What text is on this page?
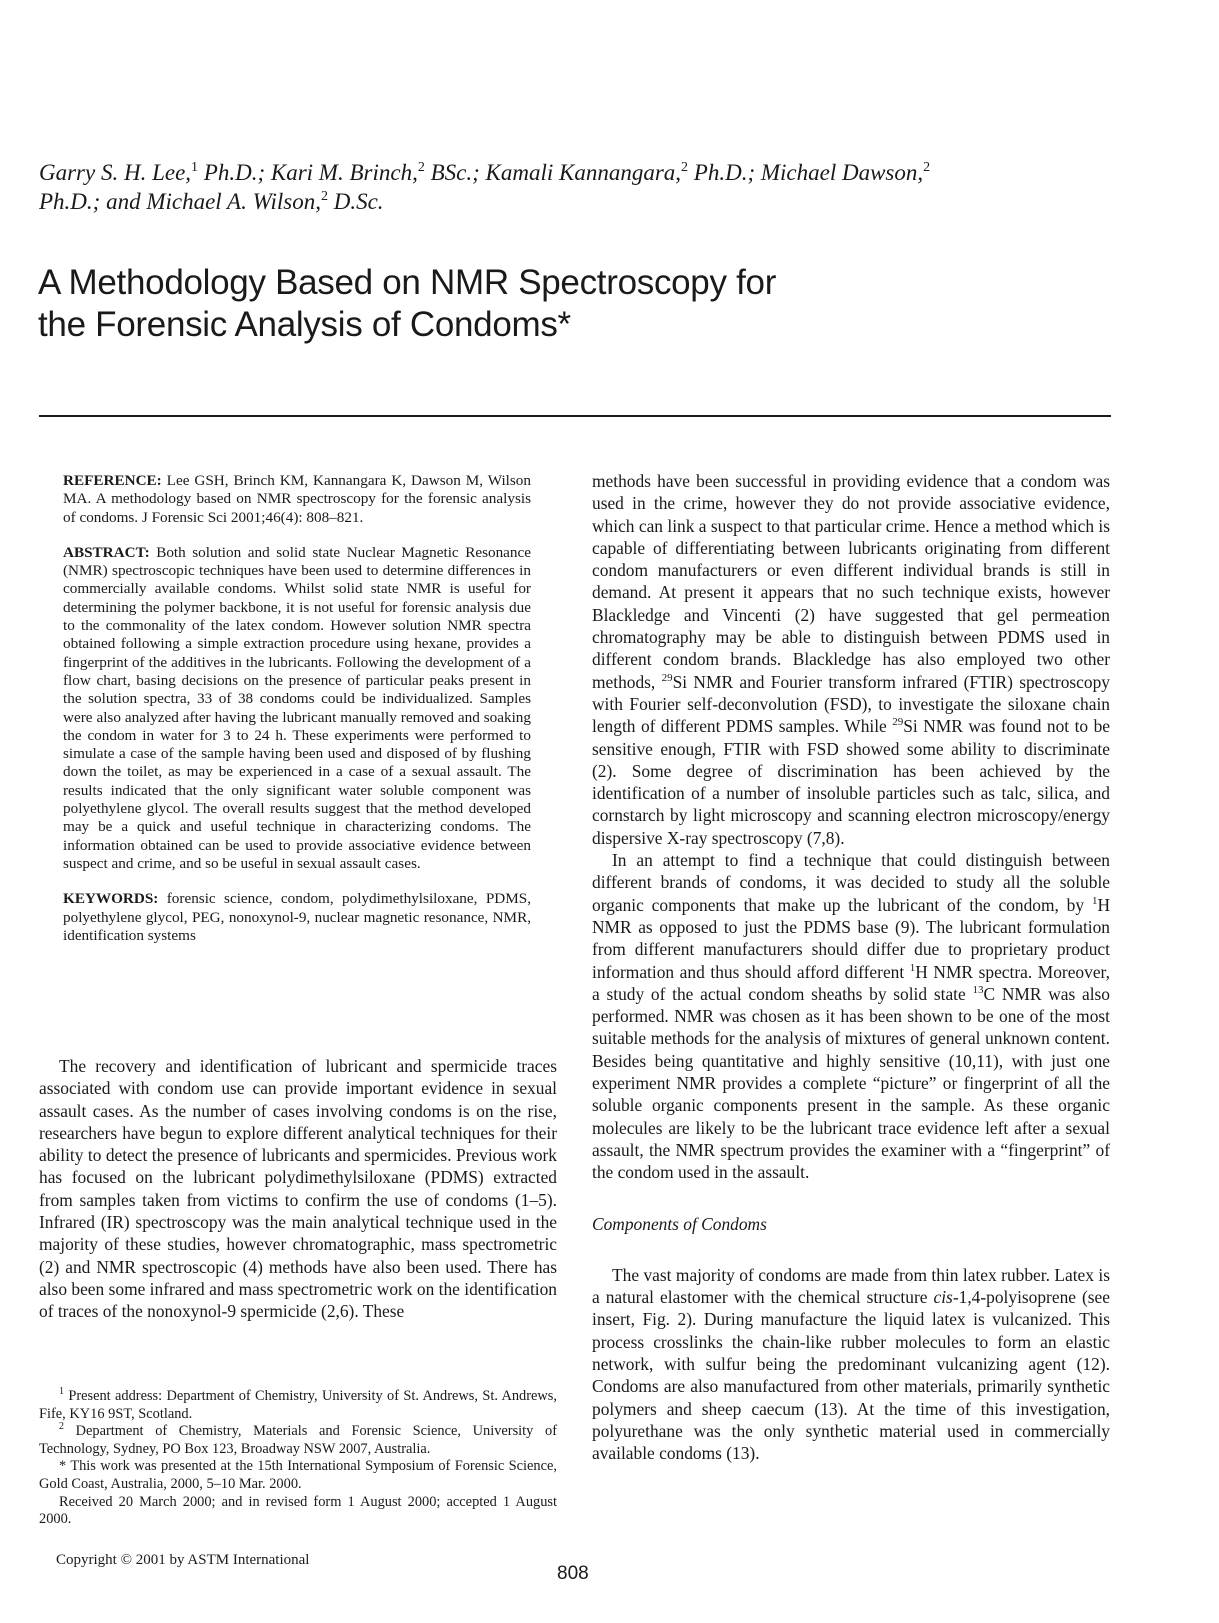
Garry S. H. Lee,$^1$ Ph.D.; Kari M. Brinch,$^2$ BSc.; Kamali Kannangara,$^2$ Ph.D.; Michael Dawson,$^2$
Ph.D.; and Michael A. Wilson,$^2$ D.Sc.
A Methodology Based on NMR Spectroscopy for
the Forensic Analysis of Condoms*

REFERENCE: Lee GSH, Brinch KM, Kannangara K, Dawson M, Wilson MA. A methodology based on NMR spectroscopy for the forensic analysis of condoms. J Forensic Sci 2001;46(4): 808–821.

ABSTRACT: Both solution and solid state Nuclear Magnetic Resonance (NMR) spectroscopic techniques have been used to determine differences in commercially available condoms. Whilst solid state NMR is useful for determining the polymer backbone, it is not useful for forensic analysis due to the commonality of the latex condom. However solution NMR spectra obtained following a simple extraction procedure using hexane, provides a fingerprint of the additives in the lubricants. Following the development of a flow chart, basing decisions on the presence of particular peaks present in the solution spectra, 33 of 38 condoms could be individualized. Samples were also analyzed after having the lubricant manually removed and soaking the condom in water for 3 to 24 h. These experiments were performed to simulate a case of the sample having been used and disposed of by flushing down the toilet, as may be experienced in a case of a sexual assault. The results indicated that the only significant water soluble component was polyethylene glycol. The overall results suggest that the method developed may be a quick and useful technique in characterizing condoms. The information obtained can be used to provide associative evidence between suspect and crime, and so be useful in sexual assault cases.

KEYWORDS: forensic science, condom, polydimethylsiloxane, PDMS, polyethylene glycol, PEG, nonoxynol-9, nuclear magnetic resonance, NMR, identification systems

The recovery and identification of lubricant and spermicide traces associated with condom use can provide important evidence in sexual assault cases. As the number of cases involving condoms is on the rise, researchers have begun to explore different analytical techniques for their ability to detect the presence of lubricants and spermicides. Previous work has focused on the lubricant polydimethylsiloxane (PDMS) extracted from samples taken from victims to confirm the use of condoms (1–5). Infrared (IR) spectroscopy was the main analytical technique used in the majority of these studies, however chromatographic, mass spectrometric (2) and NMR spectroscopic (4) methods have also been used. There has also been some infrared and mass spectrometric work on the identification of traces of the nonoxynol-9 spermicide (2,6). These

$^1$ Present address: Department of Chemistry, University of St. Andrews, St. Andrews, Fife, KY16 9ST, Scotland.

$^2$ Department of Chemistry, Materials and Forensic Science, University of Technology, Sydney, PO Box 123, Broadway NSW 2007, Australia.

* This work was presented at the 15th International Symposium of Forensic Science, Gold Coast, Australia, 2000, 5–10 Mar. 2000.

Received 20 March 2000; and in revised form 1 August 2000; accepted 1 August 2000.

methods have been successful in providing evidence that a condom was used in the crime, however they do not provide associative evidence, which can link a suspect to that particular crime. Hence a method which is capable of differentiating between lubricants originating from different condom manufacturers or even different individual brands is still in demand. At present it appears that no such technique exists, however Blackledge and Vincenti (2) have suggested that gel permeation chromatography may be able to distinguish between PDMS used in different condom brands. Blackledge has also employed two other methods, $^{29}$Si NMR and Fourier transform infrared (FTIR) spectroscopy with Fourier self-deconvolution (FSD), to investigate the siloxane chain length of different PDMS samples. While $^{29}$Si NMR was found not to be sensitive enough, FTIR with FSD showed some ability to discriminate (2). Some degree of discrimination has been achieved by the identification of a number of insoluble particles such as talc, silica, and cornstarch by light microscopy and scanning electron microscopy/energy dispersive X-ray spectroscopy (7,8).

In an attempt to find a technique that could distinguish between different brands of condoms, it was decided to study all the soluble organic components that make up the lubricant of the condom, by $^1$H NMR as opposed to just the PDMS base (9). The lubricant formulation from different manufacturers should differ due to proprietary product information and thus should afford different $^1$H NMR spectra. Moreover, a study of the actual condom sheaths by solid state $^{13}$C NMR was also performed. NMR was chosen as it has been shown to be one of the most suitable methods for the analysis of mixtures of general unknown content. Besides being quantitative and highly sensitive (10,11), with just one experiment NMR provides a complete “picture” or fingerprint of all the soluble organic components present in the sample. As these organic molecules are likely to be the lubricant trace evidence left after a sexual assault, the NMR spectrum provides the examiner with a “fingerprint” of the condom used in the assault.

Components of Condoms

The vast majority of condoms are made from thin latex rubber. Latex is a natural elastomer with the chemical structure cis-1,4-polyisoprene (see insert, Fig. 2). During manufacture the liquid latex is vulcanized. This process crosslinks the chain-like rubber molecules to form an elastic network, with sulfur being the predominant vulcanizing agent (12). Condoms are also manufactured from other materials, primarily synthetic polymers and sheep caecum (13). At the time of this investigation, polyurethane was the only synthetic material used in commercially available condoms (13).

Copyright © 2001 by ASTM International
808
